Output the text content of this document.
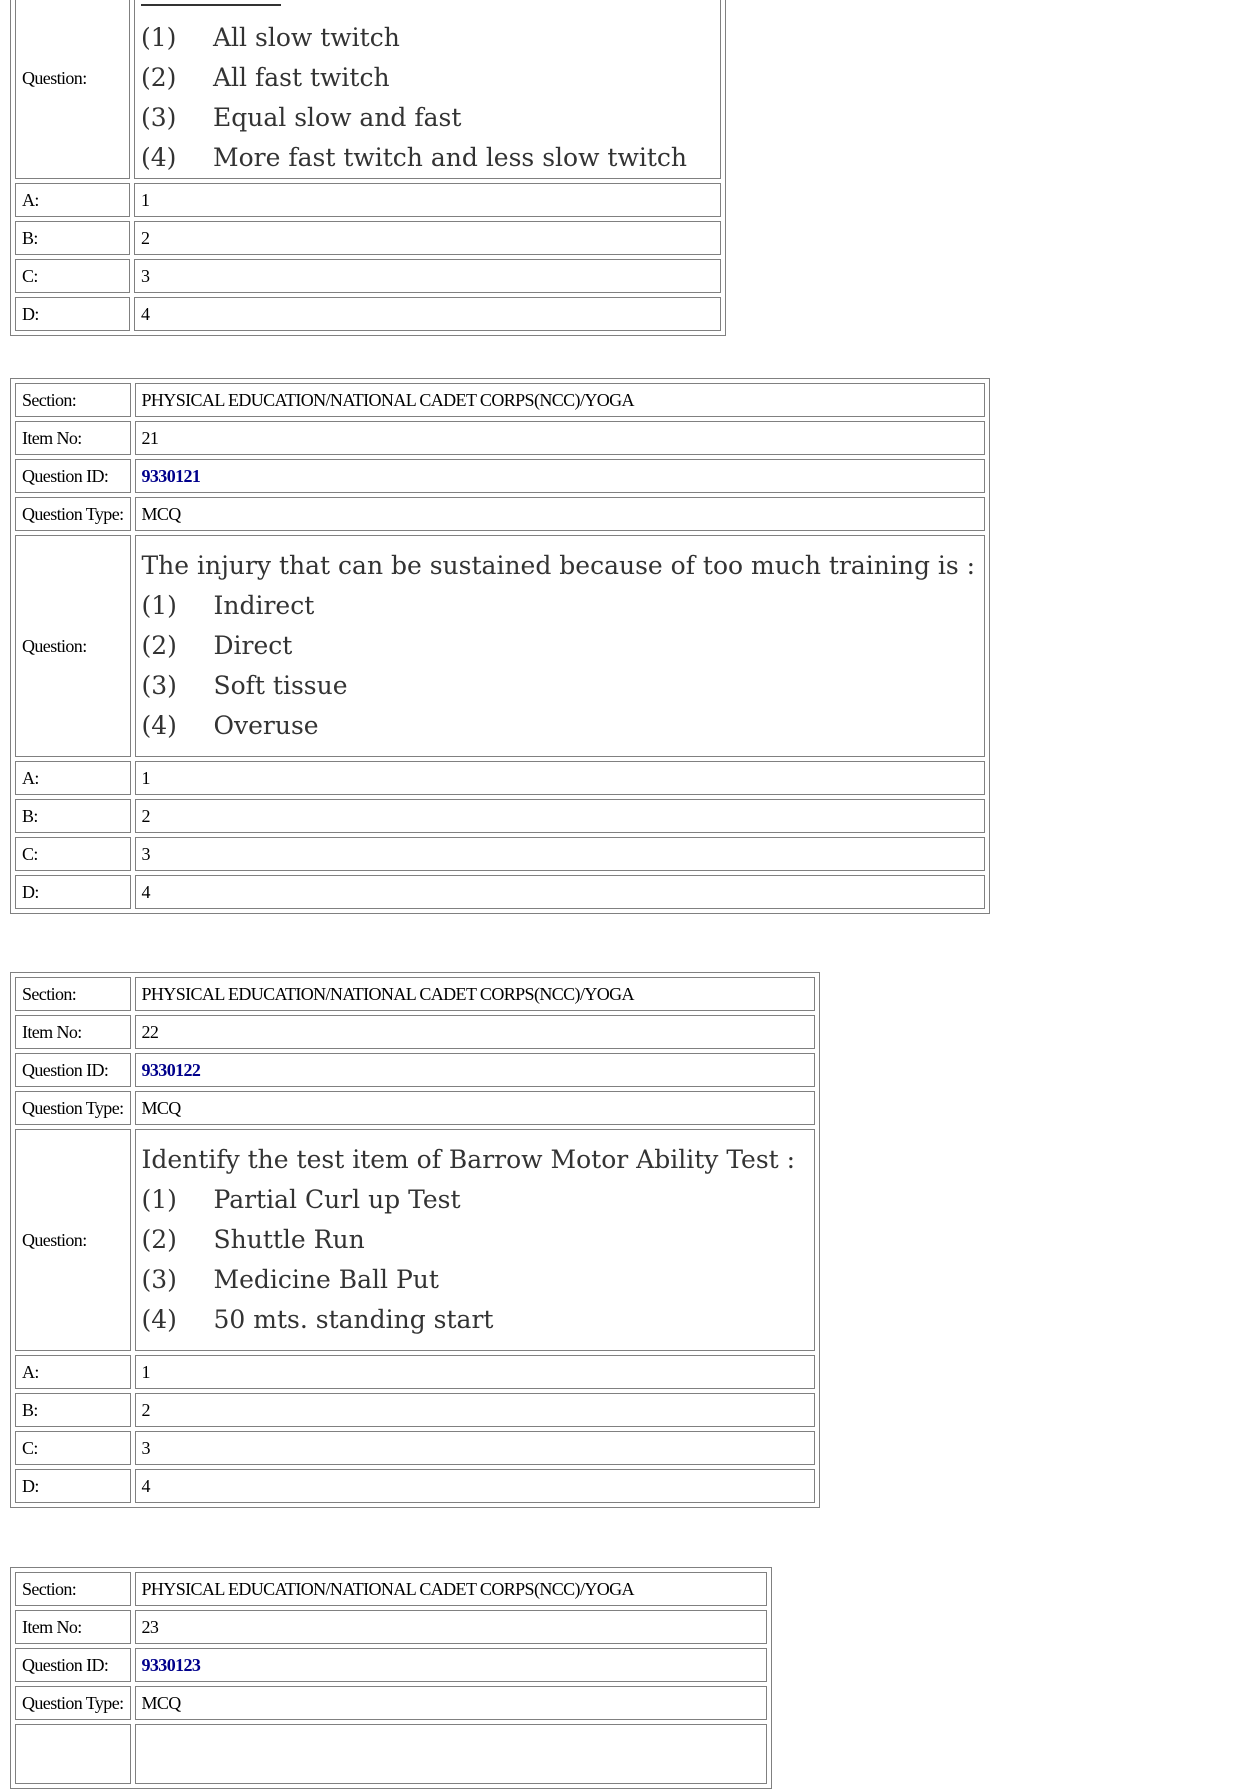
Question:	(1) All slow twitch
(2) All fast twitch
(3) Equal slow and fast
(4) More fast twitch and less slow twitch

A:	1
B:	2
C:	3
D:	4
Section:	PHYSICAL EDUCATION/NATIONAL CADET CORPS(NCC)/YOGA
Item No:	21
Question ID:	9330121
Question Type:	MCQ
Question:	The injury that can be sustained because of too much training is :
(1) Indirect
(2) Direct
(3) Soft tissue
(4) Overuse

A:	1
B:	2
C:	3
D:	4
Section:	PHYSICAL EDUCATION/NATIONAL CADET CORPS(NCC)/YOGA
Item No:	22
Question ID:	9330122
Question Type:	MCQ
Question:	Identify the test item of Barrow Motor Ability Test :
(1) Partial Curl up Test
(2) Shuttle Run
(3) Medicine Ball Put
(4) 50 mts. standing start

A:	1
B:	2
C:	3
D:	4
Section:	PHYSICAL EDUCATION/NATIONAL CADET CORPS(NCC)/YOGA
Item No:	23
Question ID:	9330123
Question Type:	MCQ
